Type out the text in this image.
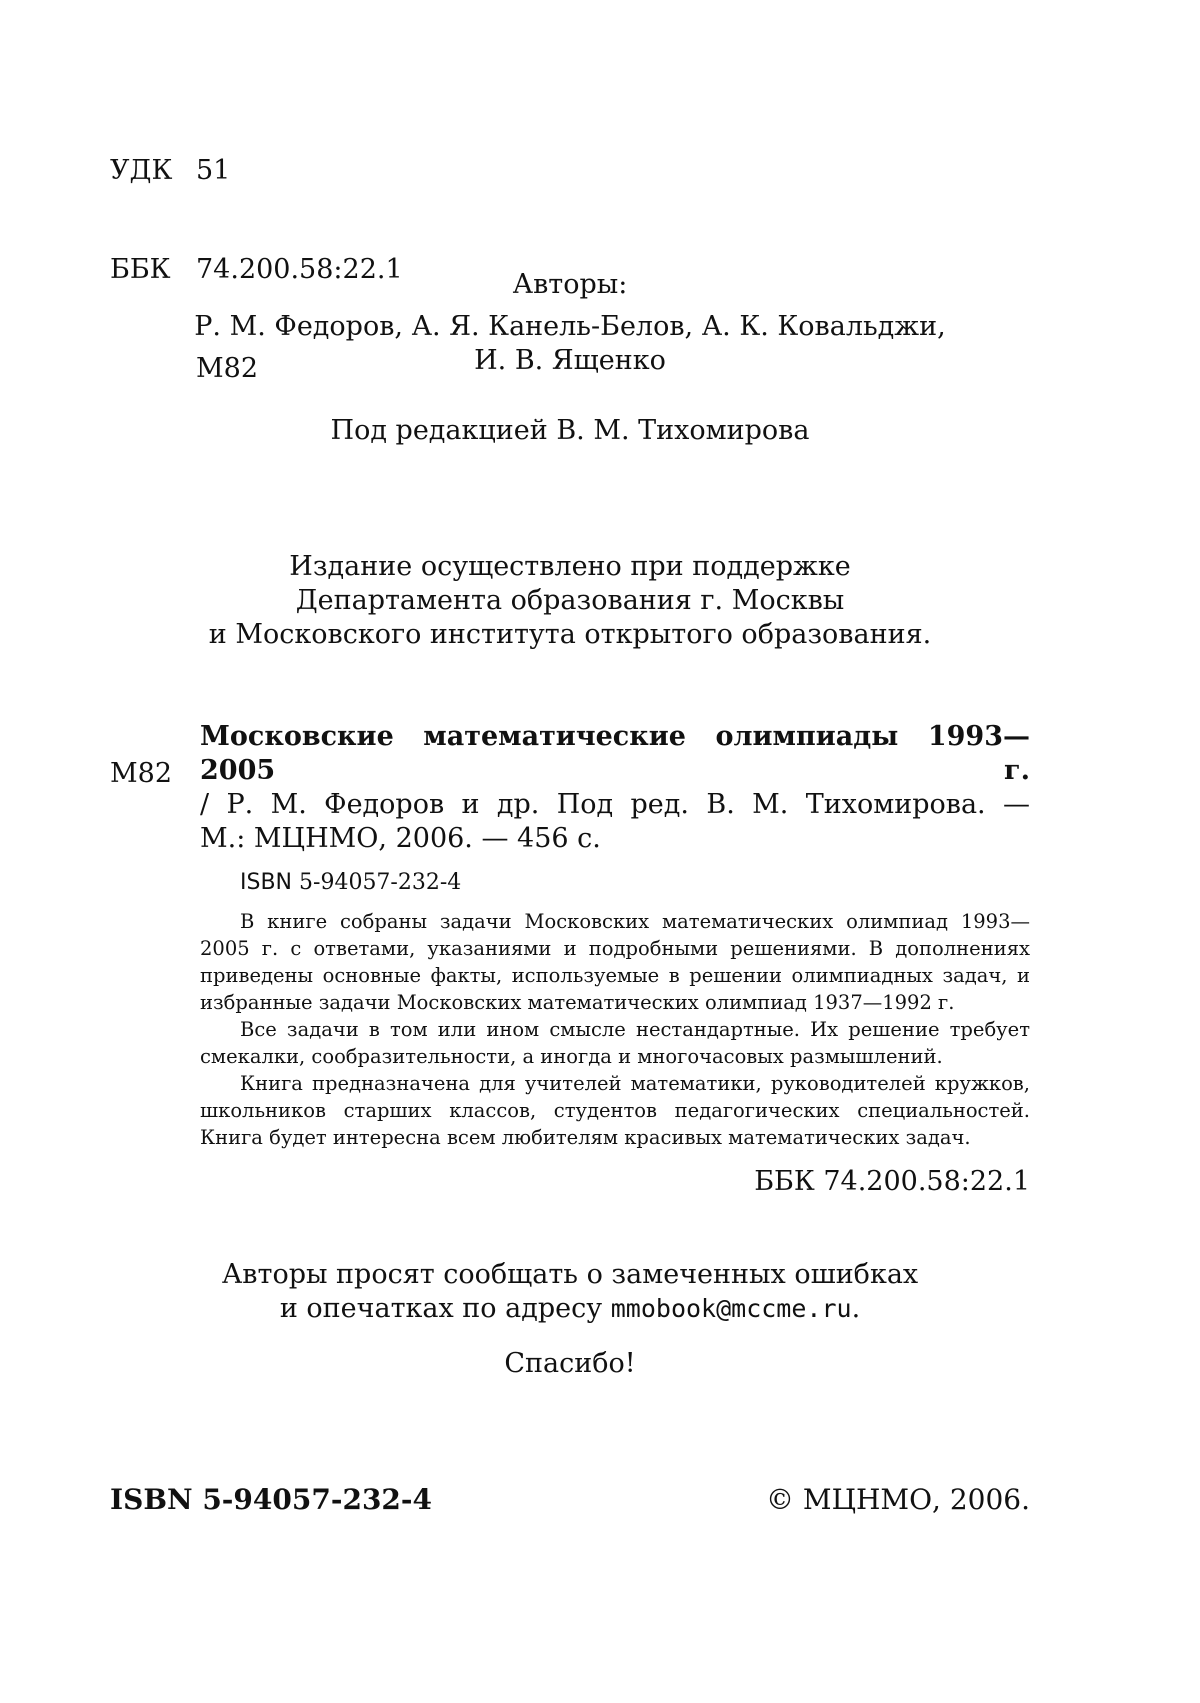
УДК 51

ББК 74.200.58:22.1

М82

Авторы:
Р. М. Федоров, А. Я. Канель-Белов, А. К. Ковальджи,
И. В. Ященко
Под редакцией В. М. Тихомирова
Издание осуществлено при поддержке
Департамента образования г. Москвы
и Московского института открытого образования.
М82
Московские математические олимпиады 1993—2005 г.
/ Р. М. Федоров и др. Под ред. В. М. Тихомирова. —
М.: МЦНМО, 2006. — 456 с.
ISBN 5-94057-232-4

В книге собраны задачи Московских математических олимпиад 1993—2005 г. с ответами, указаниями и подробными решениями. В дополнениях приведены основные факты, используемые в решении олимпиадных задач, и избранные задачи Московских математических олимпиад 1937—1992 г.

Все задачи в том или ином смысле нестандартные. Их решение требует смекалки, сообразительности, а иногда и многочасовых размышлений.

Книга предназначена для учителей математики, руководителей кружков, школьников старших классов, студентов педагогических специальностей. Книга будет интересна всем любителям красивых математических задач.

ББК 74.200.58:22.1
Авторы просят сообщать о замеченных ошибках
и опечатках по адресу mmobook@mccme.ru.
Спасибо!
ISBN 5-94057-232-4	© МЦНМО, 2006.
